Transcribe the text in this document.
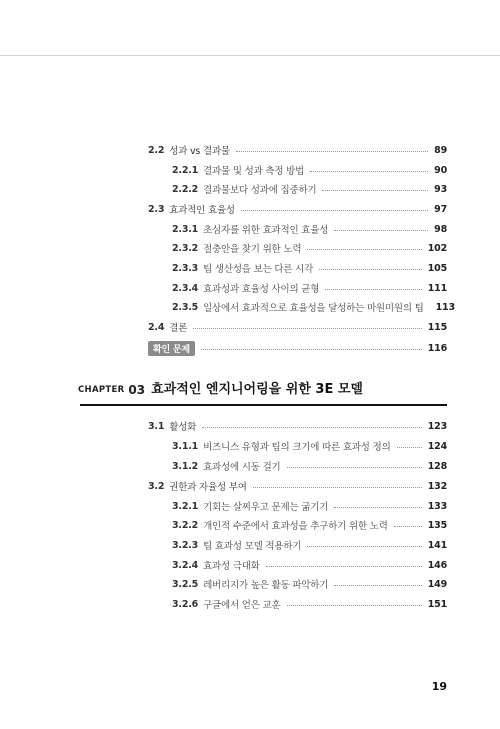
2.2 성과 vs 결과물	89
2.2.1 결과물 및 성과 측정 방법	90
2.2.2 결과물보다 성과에 집중하기	93
2.3 효과적인 효율성	97
2.3.1 초심자를 위한 효과적인 효율성	98
2.3.2 절충안을 찾기 위한 노력	102
2.3.3 팀 생산성을 보는 다른 시각	105
2.3.4 효과성과 효율성 사이의 균형	111
2.3.5 일상에서 효과적으로 효율성을 달성하는 마원미원의 팁 113
2.4 결론	115
확인 문제	116
CHAPTER 03 효과적인 엔지니어링을 위한 3E 모델
3.1 활성화	123
3.1.1 비즈니스 유형과 팀의 크기에 따른 효과성 정의	124
3.1.2 효과성에 시동 걸기	128
3.2 권한과 자율성 부여	132
3.2.1 기회는 살찌우고 문제는 굶기기	133
3.2.2 개인적 수준에서 효과성을 추구하기 위한 노력	135
3.2.3 팀 효과성 모델 적용하기	141
3.2.4 효과성 극대화	146
3.2.5 레버리지가 높은 활동 파악하기	149
3.2.6 구글에서 얻은 교훈	151
19
